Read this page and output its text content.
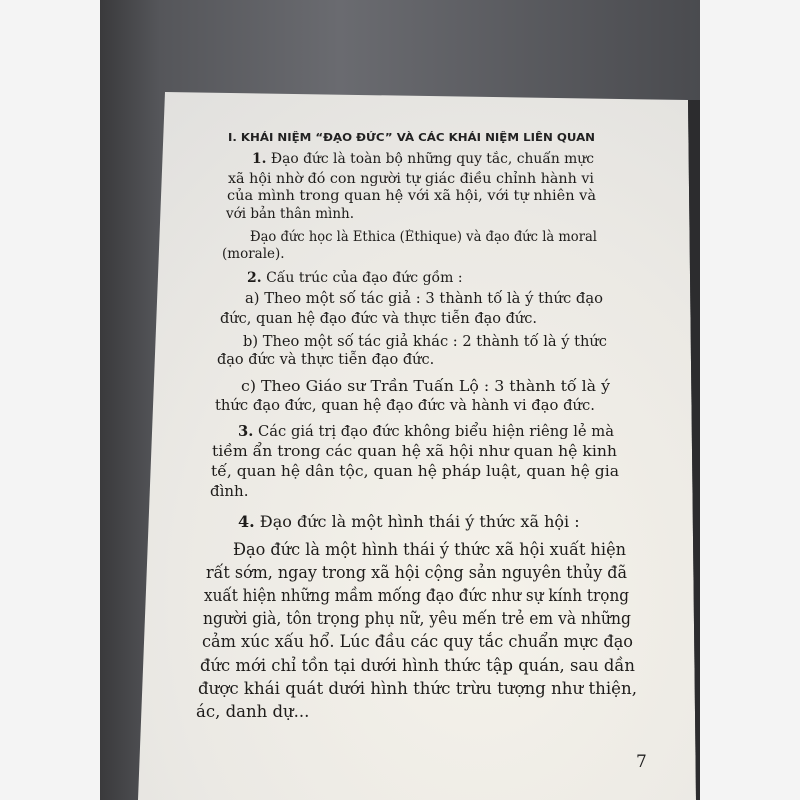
I. KHÁI NIỆM “ĐẠO ĐỨC” VÀ CÁC KHÁI NIỆM LIÊN QUAN
1. Đạo đức là toàn bộ những quy tắc, chuẩn mực
xã hội nhờ đó con người tự giác điều chỉnh hành vi
của mình trong quan hệ với xã hội, với tự nhiên và
với bản thân mình.
Đạo đức học là Ethica (Éthique) và đạo đức là moral
(morale).
2. Cấu trúc của đạo đức gồm :
a) Theo một số tác giả : 3 thành tố là ý thức đạo
đức, quan hệ đạo đức và thực tiễn đạo đức.
b) Theo một số tác giả khác : 2 thành tố là ý thức
đạo đức và thực tiễn đạo đức.
c) Theo Giáo sư Trần Tuấn Lộ : 3 thành tố là ý
thức đạo đức, quan hệ đạo đức và hành vi đạo đức.
3. Các giá trị đạo đức không biểu hiện riêng lẻ mà
tiềm ẩn trong các quan hệ xã hội như quan hệ kinh
tế, quan hệ dân tộc, quan hệ pháp luật, quan hệ gia
đình.
4. Đạo đức là một hình thái ý thức xã hội :
Đạo đức là một hình thái ý thức xã hội xuất hiện
rất sớm, ngay trong xã hội cộng sản nguyên thủy đã
xuất hiện những mầm mống đạo đức như sự kính trọng
người già, tôn trọng phụ nữ, yêu mến trẻ em và những
cảm xúc xấu hổ. Lúc đầu các quy tắc chuẩn mực đạo
đức mới chỉ tồn tại dưới hình thức tập quán, sau dần
được khái quát dưới hình thức trừu tượng như thiện,
ác, danh dự...
7
